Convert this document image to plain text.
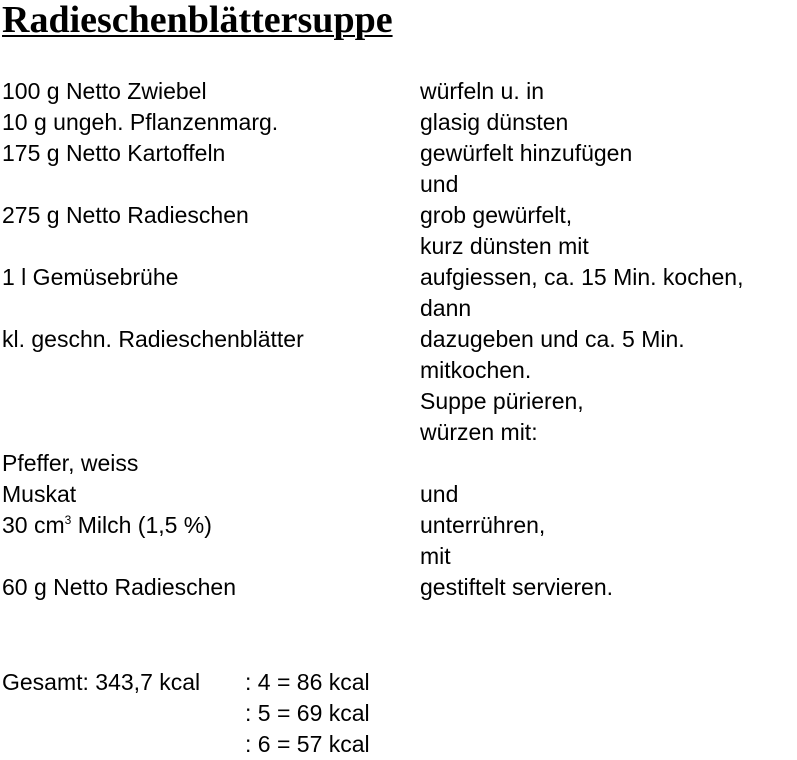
Radieschenblättersuppe
100 g Netto Zwiebel	würfeln u. in
10 g ungeh. Pflanzenmarg.	glasig dünsten
175 g Netto Kartoffeln	gewürfelt hinzufügen
und
275 g Netto Radieschen	grob gewürfelt,
kurz dünsten mit
1 l Gemüsebrühe	aufgiessen, ca. 15 Min. kochen,
dann
kl. geschn. Radieschenblätter	dazugeben und ca. 5 Min.
mitkochen.
Suppe pürieren,
würzen mit:
Pfeffer, weiss
Muskat	und
30 $cm^3$ Milch (1,5 %)	unterrühren,
mit
60 g Netto Radieschen	gestiftelt servieren.
Gesamt: 343,7 kcal : 4 = 86 kcal
: 5 = 69 kcal
: 6 = 57 kcal
